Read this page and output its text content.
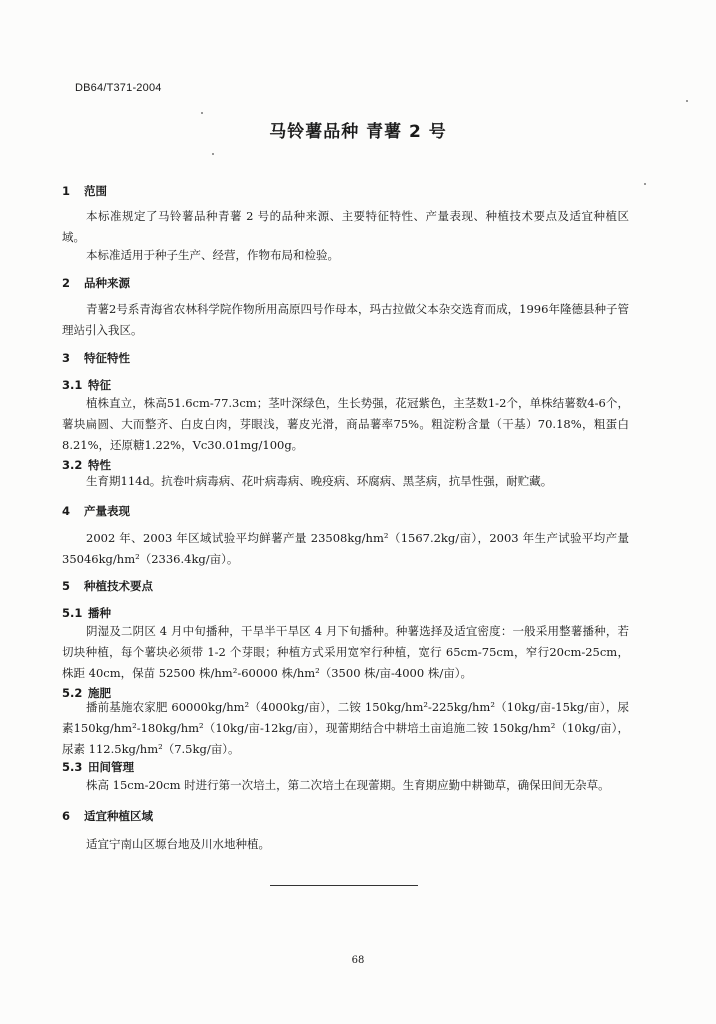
DB64/T371-2004
马铃薯品种 青薯 2 号
1 范围
本标准规定了马铃薯品种青薯 2 号的品种来源、主要特征特性、产量表现、种植技术要点及适宜种植区域。
本标准适用于种子生产、经营，作物布局和检验。
2 品种来源
青薯2号系青海省农林科学院作物所用高原四号作母本，玛古拉做父本杂交选育而成，1996年隆德县种子管理站引入我区。
3 特征特性
3.1 特征
植株直立，株高51.6cm-77.3cm；茎叶深绿色，生长势强，花冠紫色，主茎数1-2个，单株结薯数4-6个，薯块扁圆、大而整齐、白皮白肉，芽眼浅，薯皮光滑，商品薯率75%。粗淀粉含量（干基）70.18%，粗蛋白8.21%，还原糖1.22%，Vc30.01mg/100g。
3.2 特性
生育期114d。抗卷叶病毒病、花叶病毒病、晚疫病、环腐病、黑茎病，抗旱性强，耐贮藏。
4 产量表现
2002 年、2003 年区域试验平均鲜薯产量 23508kg/hm²（1567.2kg/亩），2003 年生产试验平均产量35046kg/hm²（2336.4kg/亩）。
5 种植技术要点
5.1 播种
阴湿及二阴区 4 月中旬播种，干旱半干旱区 4 月下旬播种。种薯选择及适宜密度：一般采用整薯播种，若切块种植，每个薯块必须带 1-2 个芽眼；种植方式采用宽窄行种植，宽行 65cm-75cm，窄行20cm-25cm，株距 40cm，保苗 52500 株/hm²-60000 株/hm²（3500 株/亩-4000 株/亩）。
5.2 施肥
播前基施农家肥 60000kg/hm²（4000kg/亩），二铵 150kg/hm²-225kg/hm²（10kg/亩-15kg/亩），尿素150kg/hm²-180kg/hm²（10kg/亩-12kg/亩），现蕾期结合中耕培土亩追施二铵 150kg/hm²（10kg/亩），尿素 112.5kg/hm²（7.5kg/亩）。
5.3 田间管理
株高 15cm-20cm 时进行第一次培土，第二次培土在现蕾期。生育期应勤中耕锄草，确保田间无杂草。
6 适宜种植区域
适宜宁南山区塬台地及川水地种植。
68
